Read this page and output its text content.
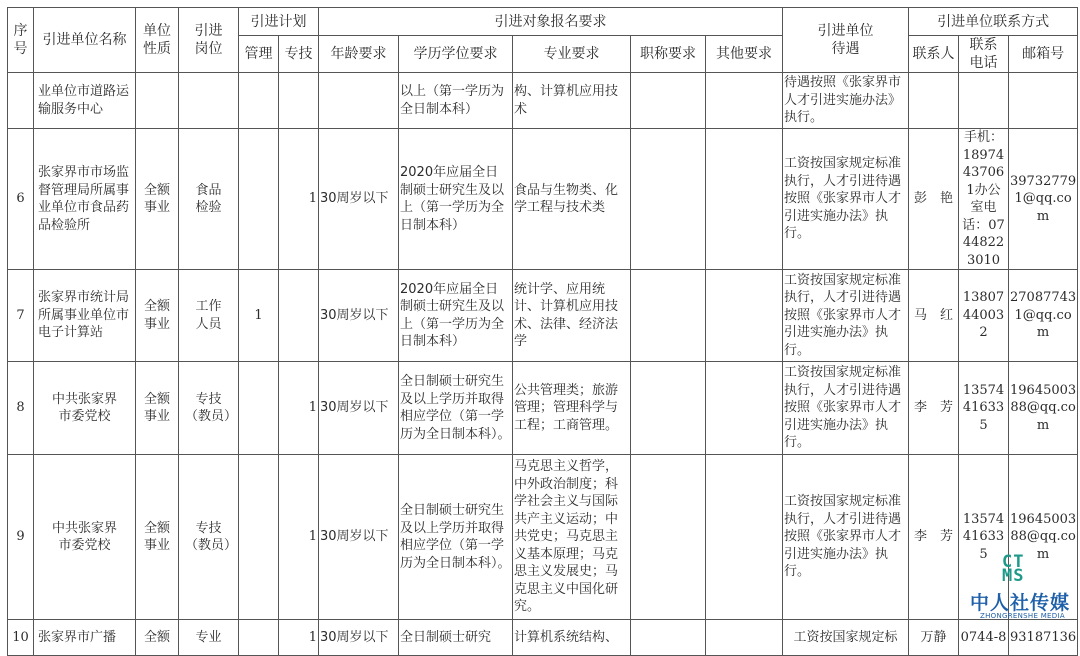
序号	引进单位名称	单位性质	引进岗位	引进计划		引进对象报名要求					引进单位待遇	引进单位联系方式		
				管理	专技	年龄要求	学历学位要求	专业要求	职称要求	其他要求		联系人	联系电话	邮箱号
	业单位市道路运输服务中心						以上（第一学历为全日制本科）	构、计算机应用技术			待遇按照《张家界市人才引进实施办法》执行。			
6	张家界市市场监督管理局所属事业单位市食品药品检验所	全额事业	食品检验		1	30周岁以下	2020年应届全日制硕士研究生及以上（第一学历为全日制本科）	食品与生物类、化学工程与技术类			工资按国家规定标准执行，人才引进待遇按照《张家界市人才引进实施办法》执行。	彭　艳	手机：18974437061办公室电话：07448223010	397327791@qq.com
7	张家界市统计局所属事业单位市电子计算站	全额事业	工作人员	1		30周岁以下	2020年应届全日制硕士研究生及以上（第一学历为全日制本科）	统计学、应用统计、计算机应用技术、法律、经济法学			工资按国家规定标准执行，人才引进待遇按照《张家界市人才引进实施办法》执行。	马　红	13807440032	270877431@qq.com
8	中共张家界市委党校	全额事业	专技（教员）		1	30周岁以下	全日制硕士研究生及以上学历并取得相应学位（第一学历为全日制本科）。	公共管理类；旅游管理；管理科学与工程；工商管理。			工资按国家规定标准执行，人才引进待遇按照《张家界市人才引进实施办法》执行。	李　芳	13574416335	1964500388@qq.com
9	中共张家界市委党校	全额事业	专技（教员）		1	30周岁以下	全日制硕士研究生及以上学历并取得相应学位（第一学历为全日制本科）。	马克思主义哲学，中外政治制度；科学社会主义与国际共产主义运动；中共党史；马克思主义基本原理；马克思主义发展史；马克思主义中国化研究。			工资按国家规定标准执行，人才引进待遇按照《张家界市人才引进实施办法》执行。	李　芳	13574416335	1964500388@qq.com
10	张家界市广播	全额	专业		1	30周岁以下	全日制硕士研究	计算机系统结构、			工资按国家规定标	万静	0744-8	93187136
CT MS
中人社传媒
ZHONGRENSHE MEDIA
